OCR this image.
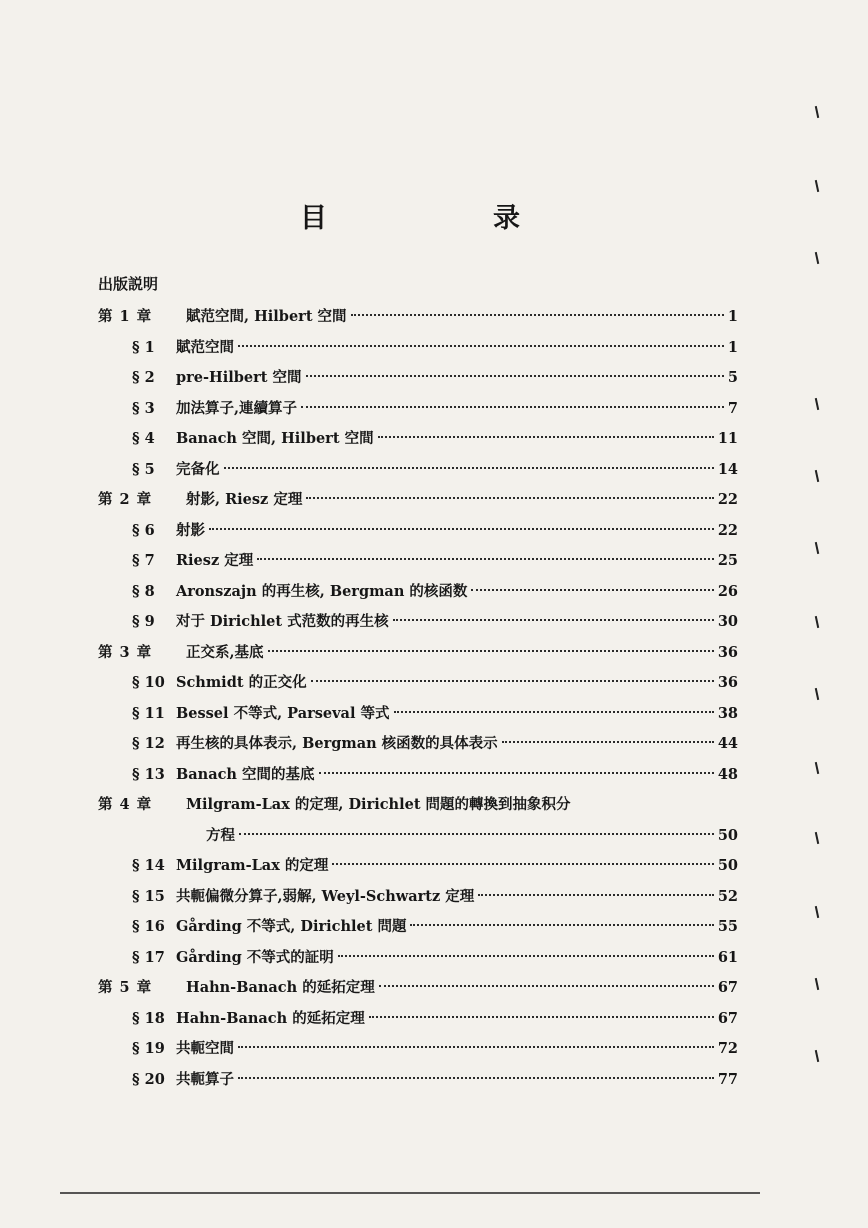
目	录
出版説明
第 1 章	賦范空間, Hilbert 空間	1
§ 1	賦范空間	1
§ 2	pre-Hilbert 空間	5
§ 3	加法算子,連續算子	7
§ 4	Banach 空間, Hilbert 空間	11
§ 5	完备化	14
第 2 章	射影, Riesz 定理	22
§ 6	射影	22
§ 7	Riesz 定理	25
§ 8	Aronszajn 的再生核, Bergman 的核函数	26
§ 9	对于 Dirichlet 式范数的再生核	30
第 3 章	正交系,基底	36
§ 10 Schmidt 的正交化	36
§ 11 Bessel 不等式, Parseval 等式	38
§ 12 再生核的具体表示, Bergman 核函数的具体表示	44
§ 13 Banach 空間的基底	48
第 4 章	Milgram-Lax 的定理, Dirichlet 問題的轉換到抽象积分
方程	50
§ 14 Milgram-Lax 的定理	50
§ 15 共軛偏微分算子,弱解, Weyl-Schwartz 定理	52
§ 16 Gårding 不等式, Dirichlet 問題	55
§ 17 Gårding 不等式的証明	61
第 5 章	Hahn-Banach 的延拓定理	67
§ 18 Hahn-Banach 的延拓定理	67
§ 19 共軛空間	72
§ 20 共軛算子	77
